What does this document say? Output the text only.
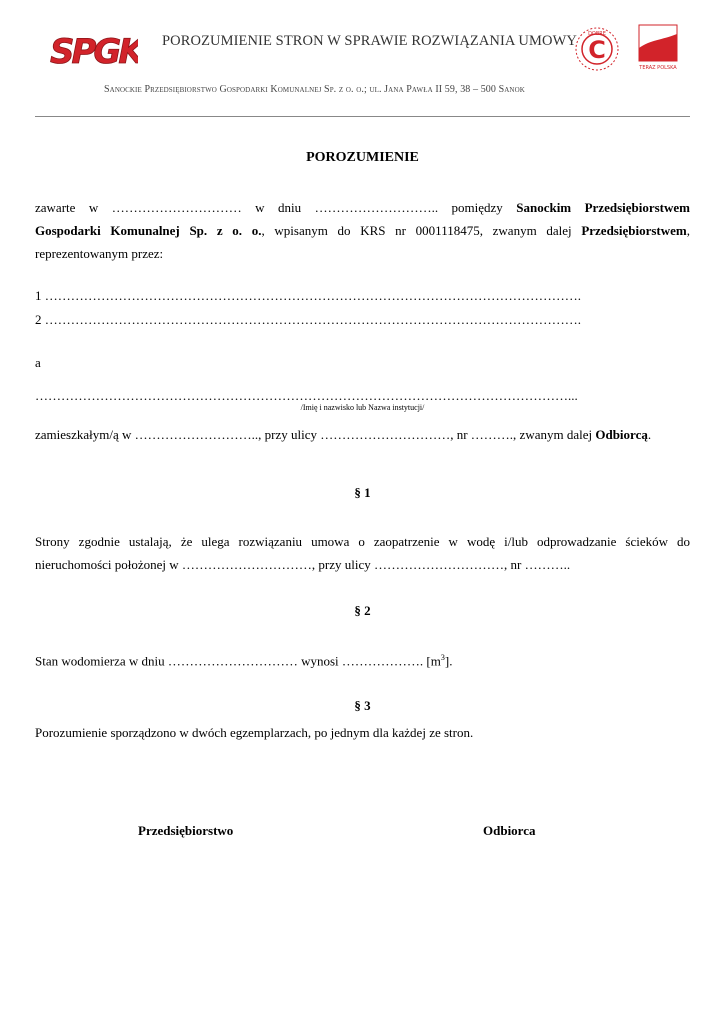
SPGK	POROZUMIENIE STRON W SPRAWIE ROZWIĄZANIA UMOWY C
DOBRE
TERAZ POLSKA
Sanockie Przedsiębiorstwo Gospodarki Komunalnej Sp. z o. o.; ul. Jana Pawła II 59, 38 – 500 Sanok
POROZUMIENIE
zawarte w ………………………… w dniu ……………………….. pomiędzy Sanockim Przedsiębiorstwem
Gospodarki Komunalnej Sp. z o. o., wpisanym do KRS nr 0001118475, zwanym dalej Przedsiębiorstwem,
reprezentowanym przez:
1 …………………………………………………………………………………………………………….
2 …………………………………………………………………………………………………………….
a
……………………………………………………………………………………………………………...
/Imię i nazwisko lub Nazwa instytucji/
zamieszkałym/ą w ……………………….., przy ulicy …………………………, nr ………., zwanym dalej Odbiorcą.
§ 1
Strony zgodnie ustalają, że ulega rozwiązaniu umowa o zaopatrzenie w wodę i/lub odprowadzanie ścieków do
nieruchomości położonej w …………………………, przy ulicy …………………………, nr ………..
§ 2
Stan wodomierza w dniu ………………………… wynosi ………………. $[m^3]$.
§ 3
Porozumienie sporządzono w dwóch egzemplarzach, po jednym dla każdej ze stron.
Przedsiębiorstwo	Odbiorca
